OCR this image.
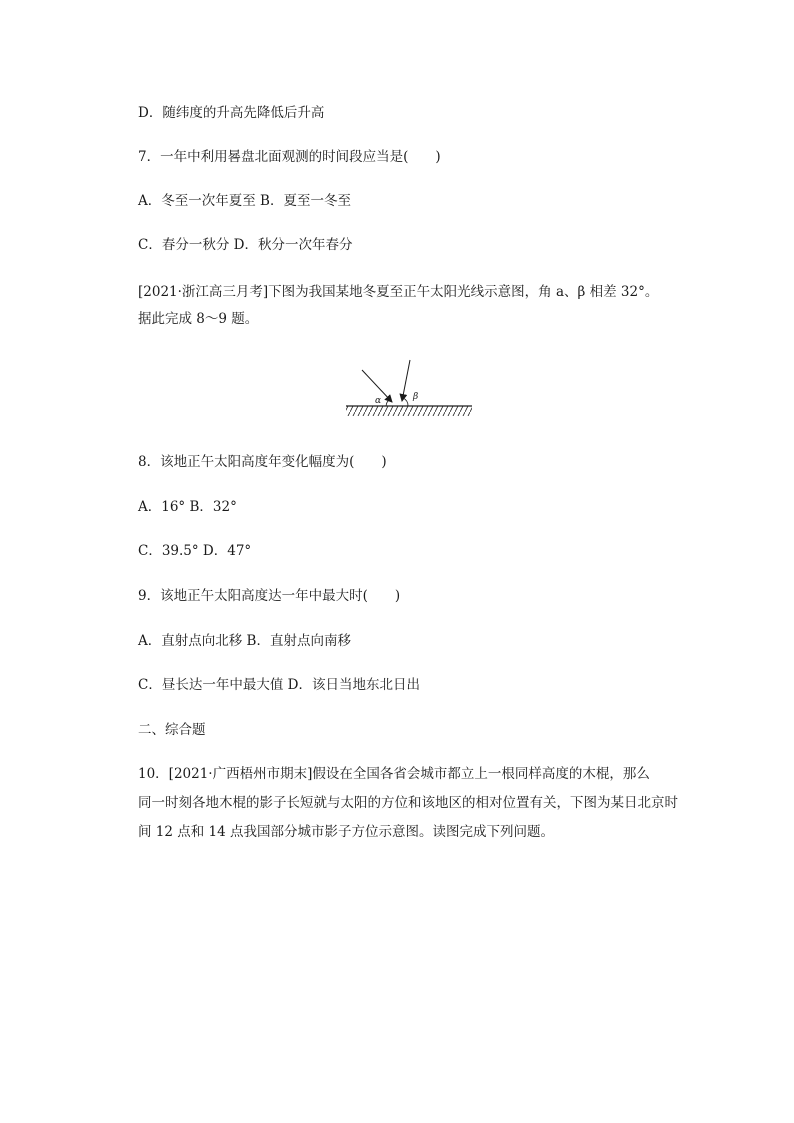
D．随纬度的升高先降低后升高
7．一年中利用晷盘北面观测的时间段应当是(　　)
A．冬至一次年夏至 B．夏至一冬至
C．春分一秋分 D．秋分一次年春分
[2021·浙江高三月考]下图为我国某地冬夏至正午太阳光线示意图，角 a、β 相差 32°。
据此完成 8～9 题。
α	β
8．该地正午太阳高度年变化幅度为(　　)
A．16° B．32°
C．39.5° D．47°
9．该地正午太阳高度达一年中最大时(　　)
A．直射点向北移 B．直射点向南移
C．昼长达一年中最大值 D．该日当地东北日出
二、综合题
10．[2021·广西梧州市期末]假设在全国各省会城市都立上一根同样高度的木棍，那么
同一时刻各地木棍的影子长短就与太阳的方位和该地区的相对位置有关，下图为某日北京时
间 12 点和 14 点我国部分城市影子方位示意图。读图完成下列问题。
